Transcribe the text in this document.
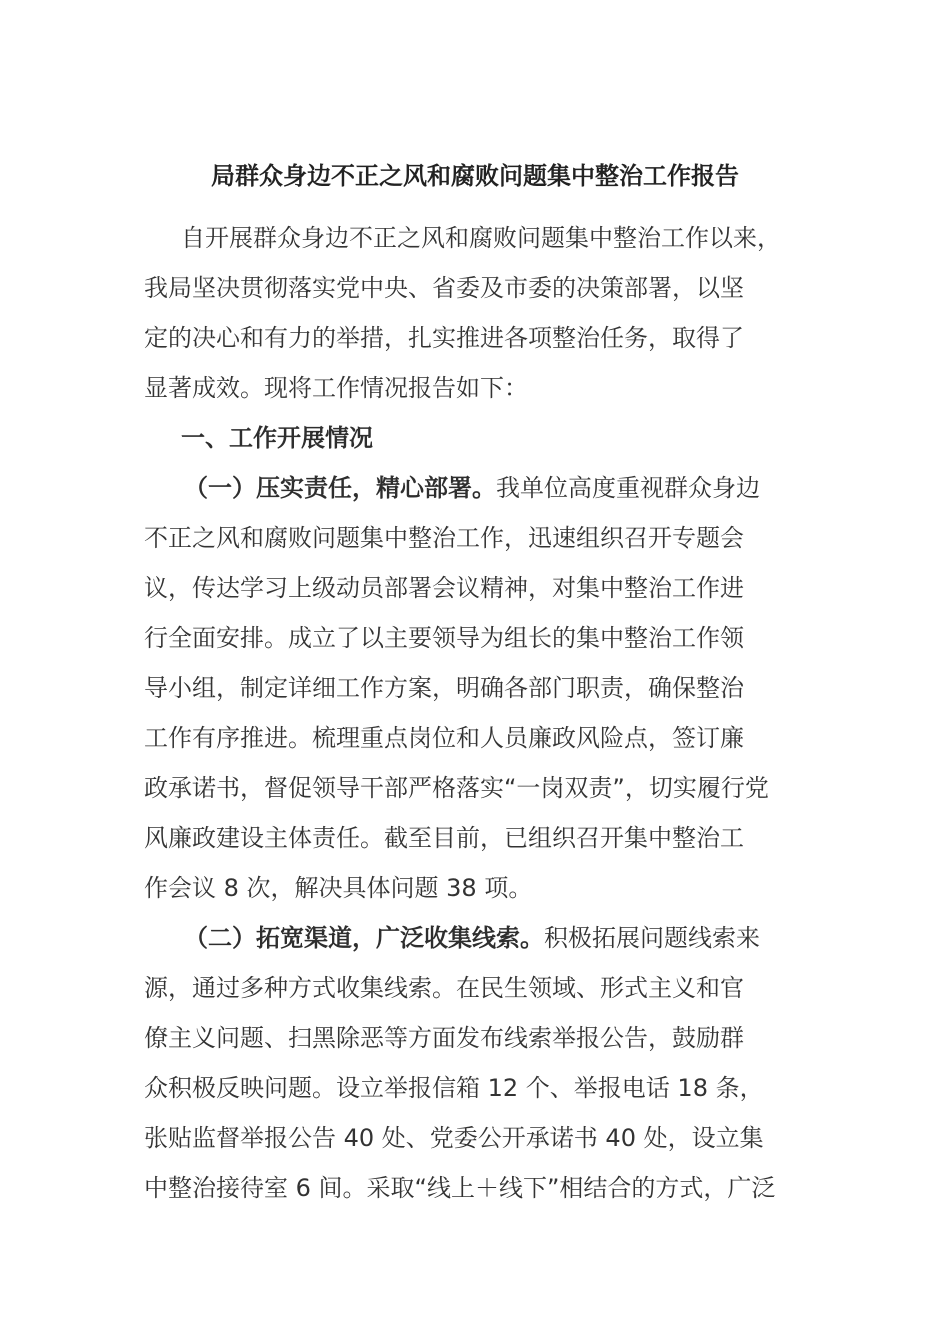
局群众身边不正之风和腐败问题集中整治工作报告
自开展群众身边不正之风和腐败问题集中整治工作以来，
我局坚决贯彻落实党中央、省委及市委的决策部署，以坚
定的决心和有力的举措，扎实推进各项整治任务，取得了
显著成效。现将工作情况报告如下：
一、工作开展情况
（一）压实责任，精心部署。我单位高度重视群众身边
不正之风和腐败问题集中整治工作，迅速组织召开专题会
议，传达学习上级动员部署会议精神，对集中整治工作进
行全面安排。成立了以主要领导为组长的集中整治工作领
导小组，制定详细工作方案，明确各部门职责，确保整治
工作有序推进。梳理重点岗位和人员廉政风险点，签订廉
政承诺书，督促领导干部严格落实“一岗双责”，切实履行党
风廉政建设主体责任。截至目前，已组织召开集中整治工
作会议 8 次，解决具体问题 38 项。
（二）拓宽渠道，广泛收集线索。积极拓展问题线索来
源，通过多种方式收集线索。在民生领域、形式主义和官
僚主义问题、扫黑除恶等方面发布线索举报公告，鼓励群
众积极反映问题。设立举报信箱 12 个、举报电话 18 条，
张贴监督举报公告 40 处、党委公开承诺书 40 处，设立集
中整治接待室 6 间。采取“线上＋线下”相结合的方式，广泛
